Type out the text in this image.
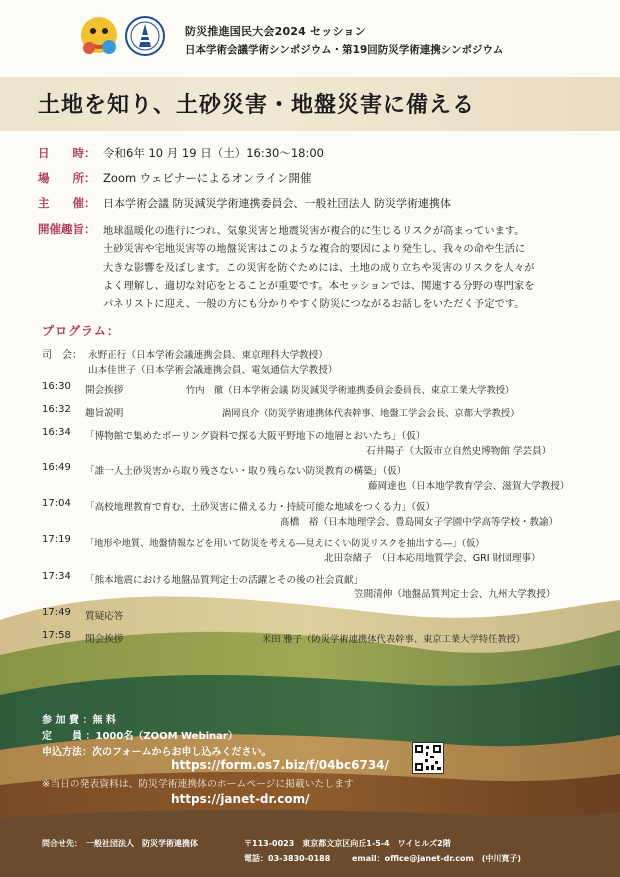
防災推進国民大会2024 セッション
日本学術会議学術シンポジウム・第19回防災学術連携シンポジウム
土地を知り、土砂災害・地盤災害に備える
日　　時： 令和6年 10 月 19 日（土）16:30〜18:00
場　　所： Zoom ウェビナーによるオンライン開催
主　　催： 日本学術会議 防災減災学術連携委員会、一般社団法人 防災学術連携体
開催趣旨： 地球温暖化の進行につれ、気象災害と地震災害が複合的に生じるリスクが高まっています。
土砂災害や宅地災害等の地盤災害はこのような複合的要因により発生し、我々の命や生活に
大きな影響を及ぼします。この災害を防ぐためには、土地の成り立ちや災害のリスクを人々が
よく理解し、適切な対応をとることが重要です。本セッションでは、関連する分野の専門家を
パネリストに迎え、一般の方にも分かりやすく防災につながるお話しをいただく予定です。
プログラム：
司　会： 永野正行（日本学術会議連携会員、東京理科大学教授）
山本佳世子（日本学術会議連携会員、電気通信大学教授）
16:30 開会挨拶	竹内　徹（日本学術会議 防災減災学術連携委員会委員長、東京工業大学教授）
16:32 趣旨説明	渦岡良介（防災学術連携体代表幹事、地盤工学会会長、京都大学教授）
16:34 「博物館で集めたボーリング資料で探る大阪平野地下の地層とおいたち」（仮）
石井陽子（大阪市立自然史博物館 学芸員）
16:49 「誰一人土砂災害から取り残さない・取り残らない防災教育の構築」（仮）
藤岡達也（日本地学教育学会、滋賀大学教授）
17:04 「高校地理教育で育む、土砂災害に備える力・持続可能な地域をつくる力」（仮）
髙橋　裕（日本地理学会、豊島岡女子学園中学高等学校・教諭）
17:19 「地形や地質、地盤情報などを用いて防災を考える―見えにくい防災リスクを抽出する―」（仮）
北田奈緒子　（日本応用地質学会、GRI 財団理事）
17:34 「熊本地震における地盤品質判定士の活躍とその後の社会貢献」
笠間清伸（地盤品質判定士会、九州大学教授）
17:49 質疑応答
17:58 閉会挨拶	米田 雅子（防災学術連携体代表幹事、東京工業大学特任教授）
参 加 費 ：無 料
定　　員 ：1000名（ZOOM Webinar）
申込方法：次のフォームからお申し込みください。
https://form.os7.biz/f/04bc6734/
※当日の発表資料は、防災学術連携体のホームページに掲載いたします
https://janet-dr.com/
問合せ先：　一般社団法人　防災学術連携体	〒113-0023　東京都文京区向丘1-5-4　ワイヒルズ2階
電話：03-3830-0188	email：office@janet-dr.com　(中川寛子)
